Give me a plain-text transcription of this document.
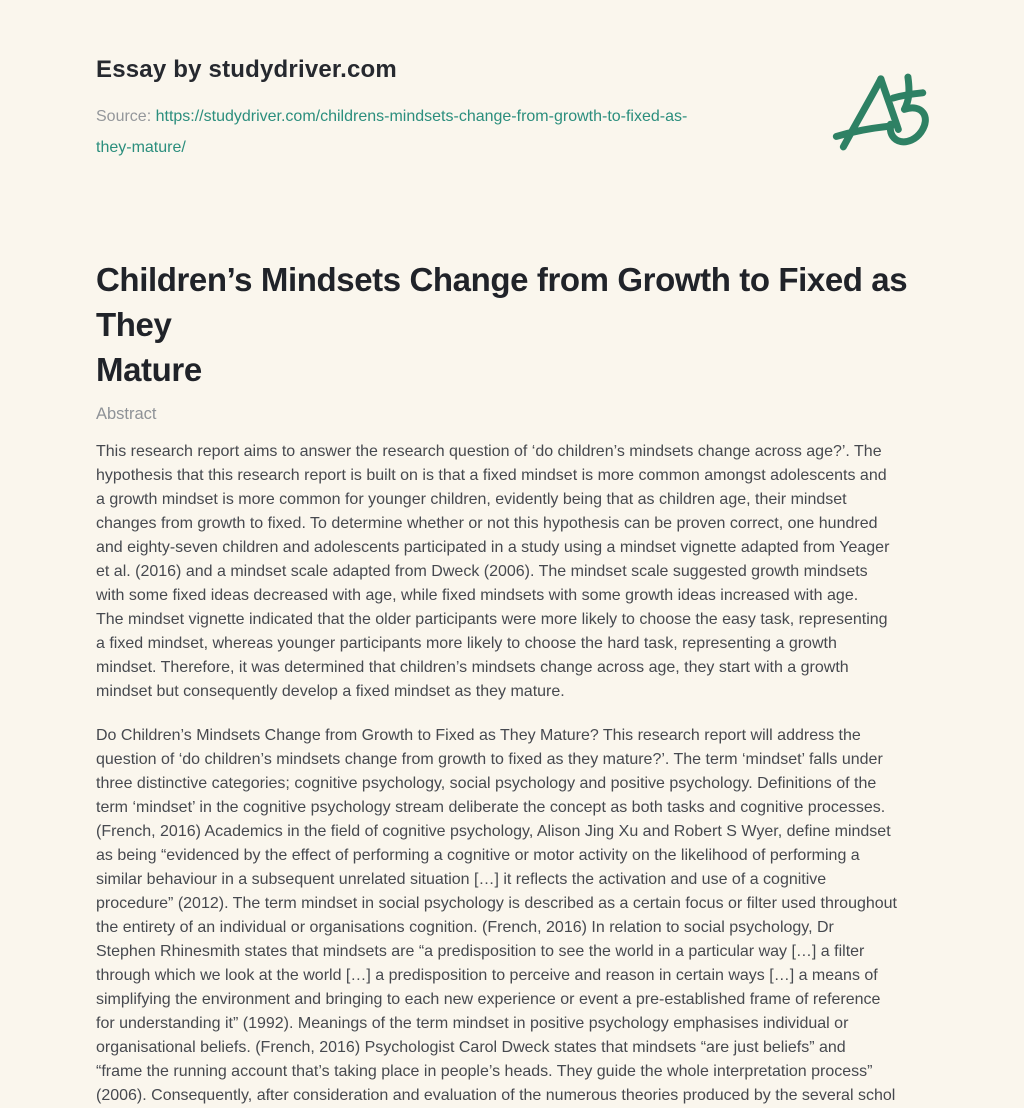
Essay by studydriver.com

Source: https://studydriver.com/childrens-mindsets-change-from-growth-to-fixed-as-
they-mature/

Children’s Mindsets Change from Growth to Fixed as They
Mature
Abstract
This research report aims to answer the research question of ‘do children’s mindsets change across age?’. The
hypothesis that this research report is built on is that a fixed mindset is more common amongst adolescents and
a growth mindset is more common for younger children, evidently being that as children age, their mindset
changes from growth to fixed. To determine whether or not this hypothesis can be proven correct, one hundred
and eighty-seven children and adolescents participated in a study using a mindset vignette adapted from Yeager
et al. (2016) and a mindset scale adapted from Dweck (2006). The mindset scale suggested growth mindsets
with some fixed ideas decreased with age, while fixed mindsets with some growth ideas increased with age.
The mindset vignette indicated that the older participants were more likely to choose the easy task, representing
a fixed mindset, whereas younger participants more likely to choose the hard task, representing a growth
mindset. Therefore, it was determined that children’s mindsets change across age, they start with a growth
mindset but consequently develop a fixed mindset as they mature.
Do Children’s Mindsets Change from Growth to Fixed as They Mature? This research report will address the
question of ‘do children’s mindsets change from growth to fixed as they mature?’. The term ‘mindset’ falls under
three distinctive categories; cognitive psychology, social psychology and positive psychology. Definitions of the
term ‘mindset’ in the cognitive psychology stream deliberate the concept as both tasks and cognitive processes.
(French, 2016) Academics in the field of cognitive psychology, Alison Jing Xu and Robert S Wyer, define mindset
as being “evidenced by the effect of performing a cognitive or motor activity on the likelihood of performing a
similar behaviour in a subsequent unrelated situation […] it reflects the activation and use of a cognitive
procedure” (2012). The term mindset in social psychology is described as a certain focus or filter used throughout
the entirety of an individual or organisations cognition. (French, 2016) In relation to social psychology, Dr
Stephen Rhinesmith states that mindsets are “a predisposition to see the world in a particular way […] a filter
through which we look at the world […] a predisposition to perceive and reason in certain ways […] a means of
simplifying the environment and bringing to each new experience or event a pre-established frame of reference
for understanding it” (1992). Meanings of the term mindset in positive psychology emphasises individual or
organisational beliefs. (French, 2016) Psychologist Carol Dweck states that mindsets “are just beliefs” and
“frame the running account that’s taking place in people’s heads. They guide the whole interpretation process”
(2006). Consequently, after consideration and evaluation of the numerous theories produced by the several schol
